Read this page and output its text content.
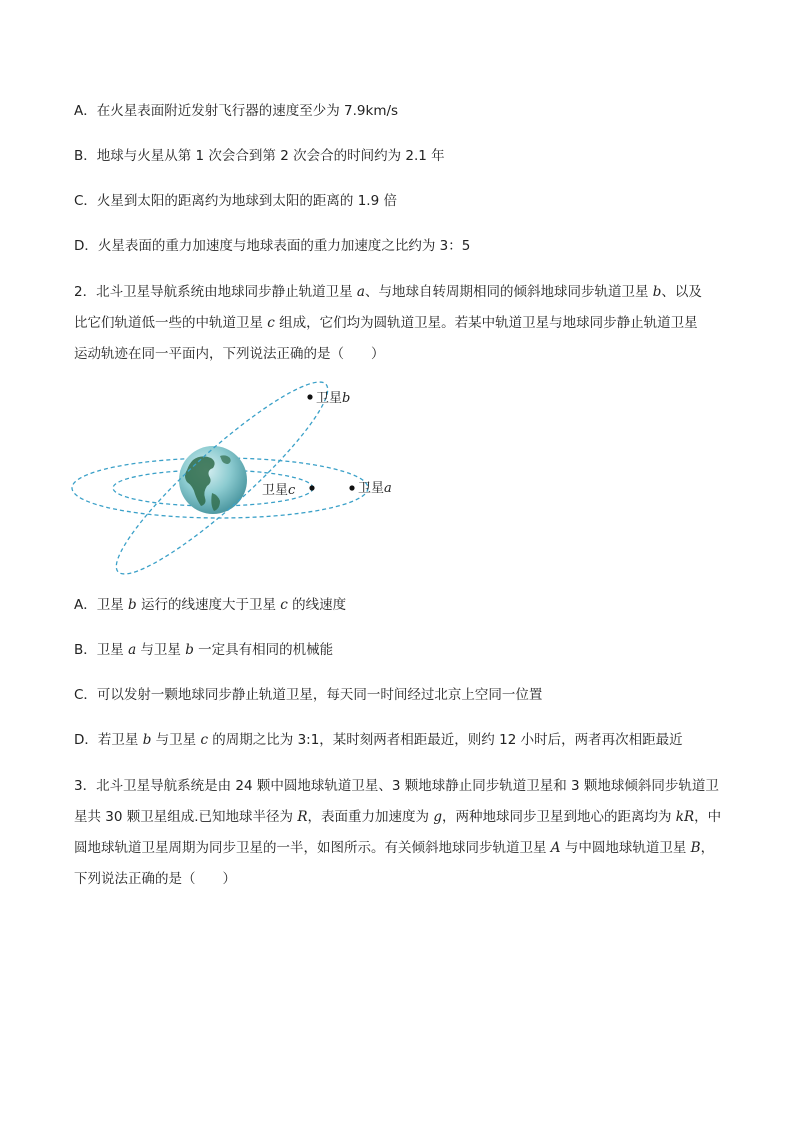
A．在火星表面附近发射飞行器的速度至少为 7.9km/s
B．地球与火星从第 1 次会合到第 2 次会合的时间约为 2.1 年
C．火星到太阳的距离约为地球到太阳的距离的 1.9 倍
D．火星表面的重力加速度与地球表面的重力加速度之比约为 3：5
2．北斗卫星导航系统由地球同步静止轨道卫星 a、与地球自转周期相同的倾斜地球同步轨道卫星 b、以及
比它们轨道低一些的中轨道卫星 c 组成，它们均为圆轨道卫星。若某中轨道卫星与地球同步静止轨道卫星
运动轨迹在同一平面内，下列说法正确的是（　　）
卫星b
卫星c	卫星a
A．卫星 b 运行的线速度大于卫星 c 的线速度
B．卫星 a 与卫星 b 一定具有相同的机械能
C．可以发射一颗地球同步静止轨道卫星，每天同一时间经过北京上空同一位置
D．若卫星 b 与卫星 c 的周期之比为 3:1，某时刻两者相距最近，则约 12 小时后，两者再次相距最近
3．北斗卫星导航系统是由 24 颗中圆地球轨道卫星、3 颗地球静止同步轨道卫星和 3 颗地球倾斜同步轨道卫
星共 30 颗卫星组成.已知地球半径为 R，表面重力加速度为 g，两种地球同步卫星到地心的距离均为 kR，中
圆地球轨道卫星周期为同步卫星的一半，如图所示。有关倾斜地球同步轨道卫星 A 与中圆地球轨道卫星 B，
下列说法正确的是（　　）
